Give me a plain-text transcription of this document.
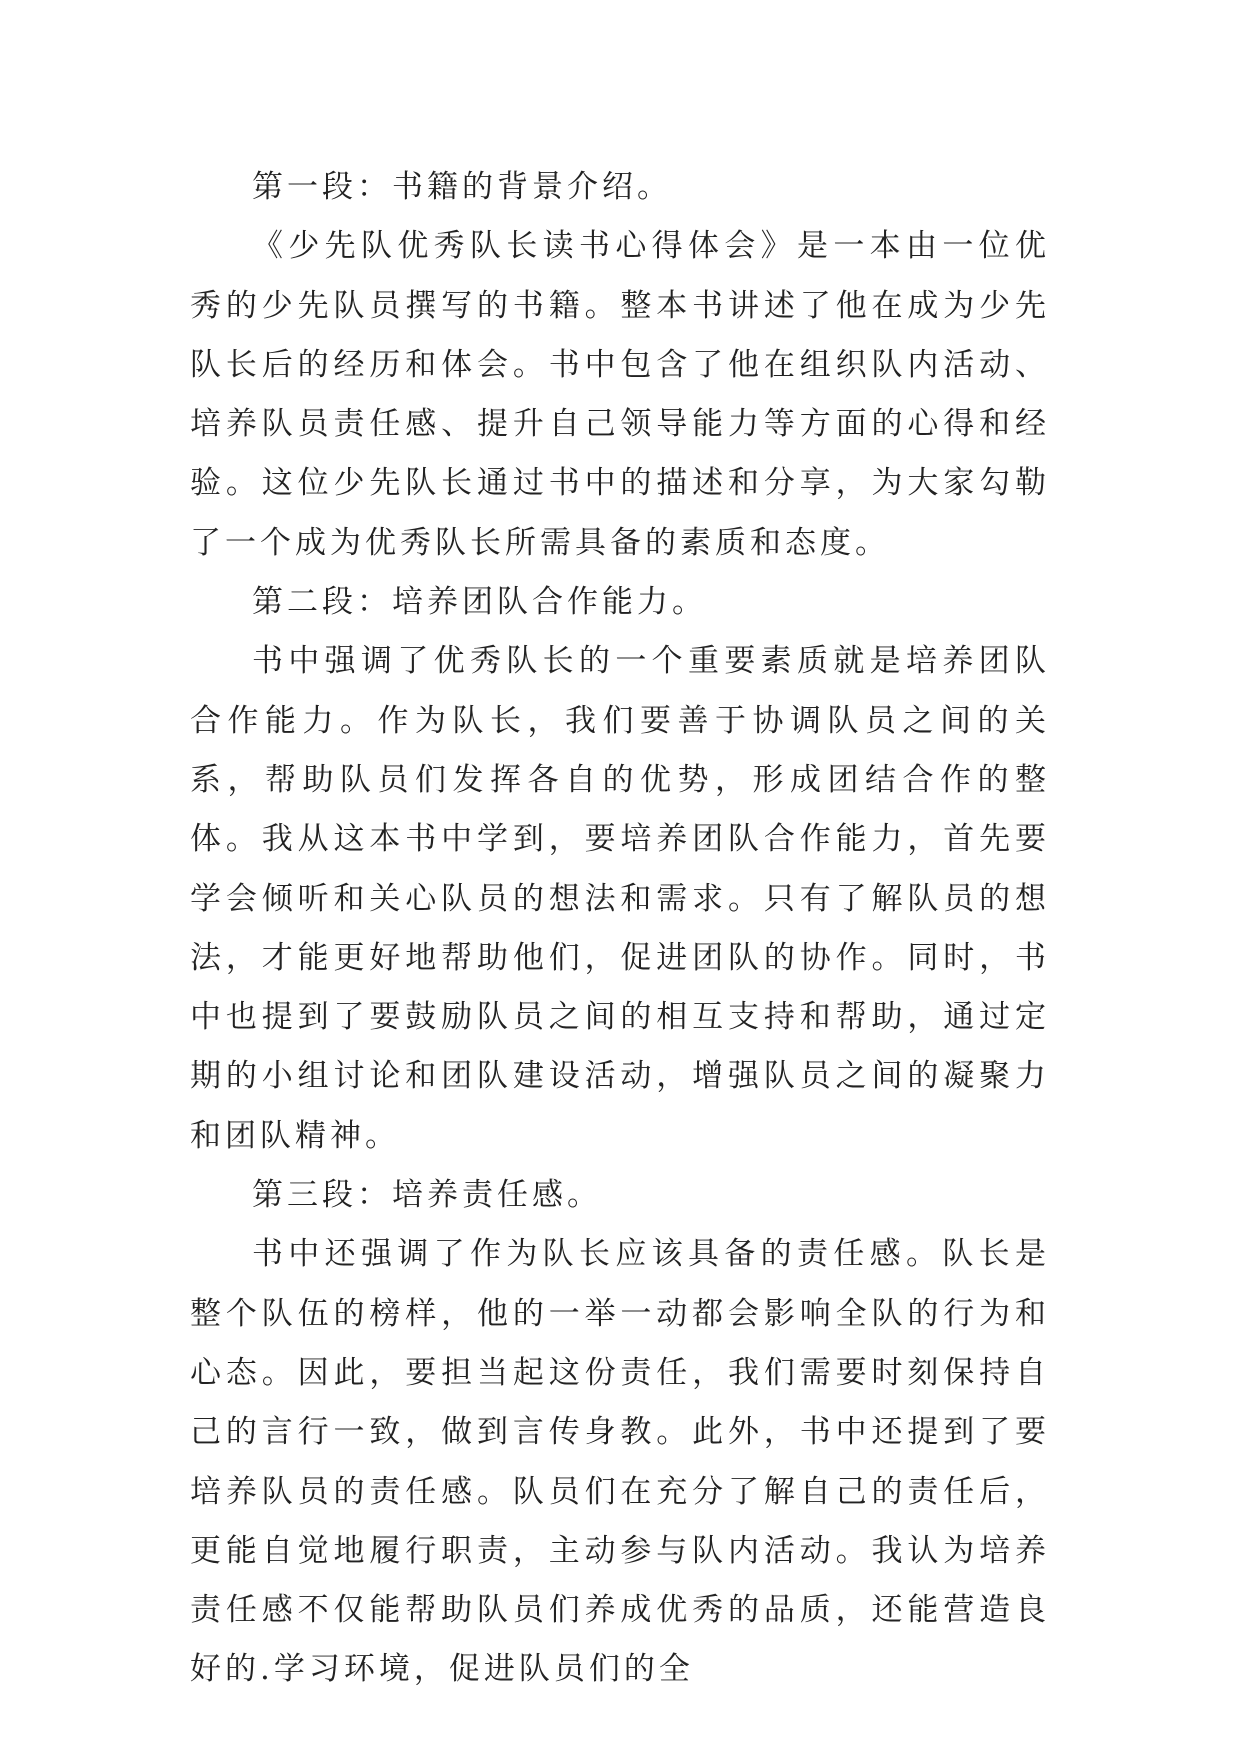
第一段：书籍的背景介绍。

《少先队优秀队长读书心得体会》是一本由一位优秀的少先队员撰写的书籍。整本书讲述了他在成为少先队长后的经历和体会。书中包含了他在组织队内活动、培养队员责任感、提升自己领导能力等方面的心得和经验。这位少先队长通过书中的描述和分享，为大家勾勒了一个成为优秀队长所需具备的素质和态度。

第二段：培养团队合作能力。

书中强调了优秀队长的一个重要素质就是培养团队合作能力。作为队长，我们要善于协调队员之间的关系，帮助队员们发挥各自的优势，形成团结合作的整体。我从这本书中学到，要培养团队合作能力，首先要学会倾听和关心队员的想法和需求。只有了解队员的想法，才能更好地帮助他们，促进团队的协作。同时，书中也提到了要鼓励队员之间的相互支持和帮助，通过定期的小组讨论和团队建设活动，增强队员之间的凝聚力和团队精神。

第三段：培养责任感。

书中还强调了作为队长应该具备的责任感。队长是整个队伍的榜样，他的一举一动都会影响全队的行为和心态。因此，要担当起这份责任，我们需要时刻保持自己的言行一致，做到言传身教。此外，书中还提到了要培养队员的责任感。队员们在充分了解自己的责任后，更能自觉地履行职责，主动参与队内活动。我认为培养责任感不仅能帮助队员们养成优秀的品质，还能营造良好的.学习环境，促进队员们的全
